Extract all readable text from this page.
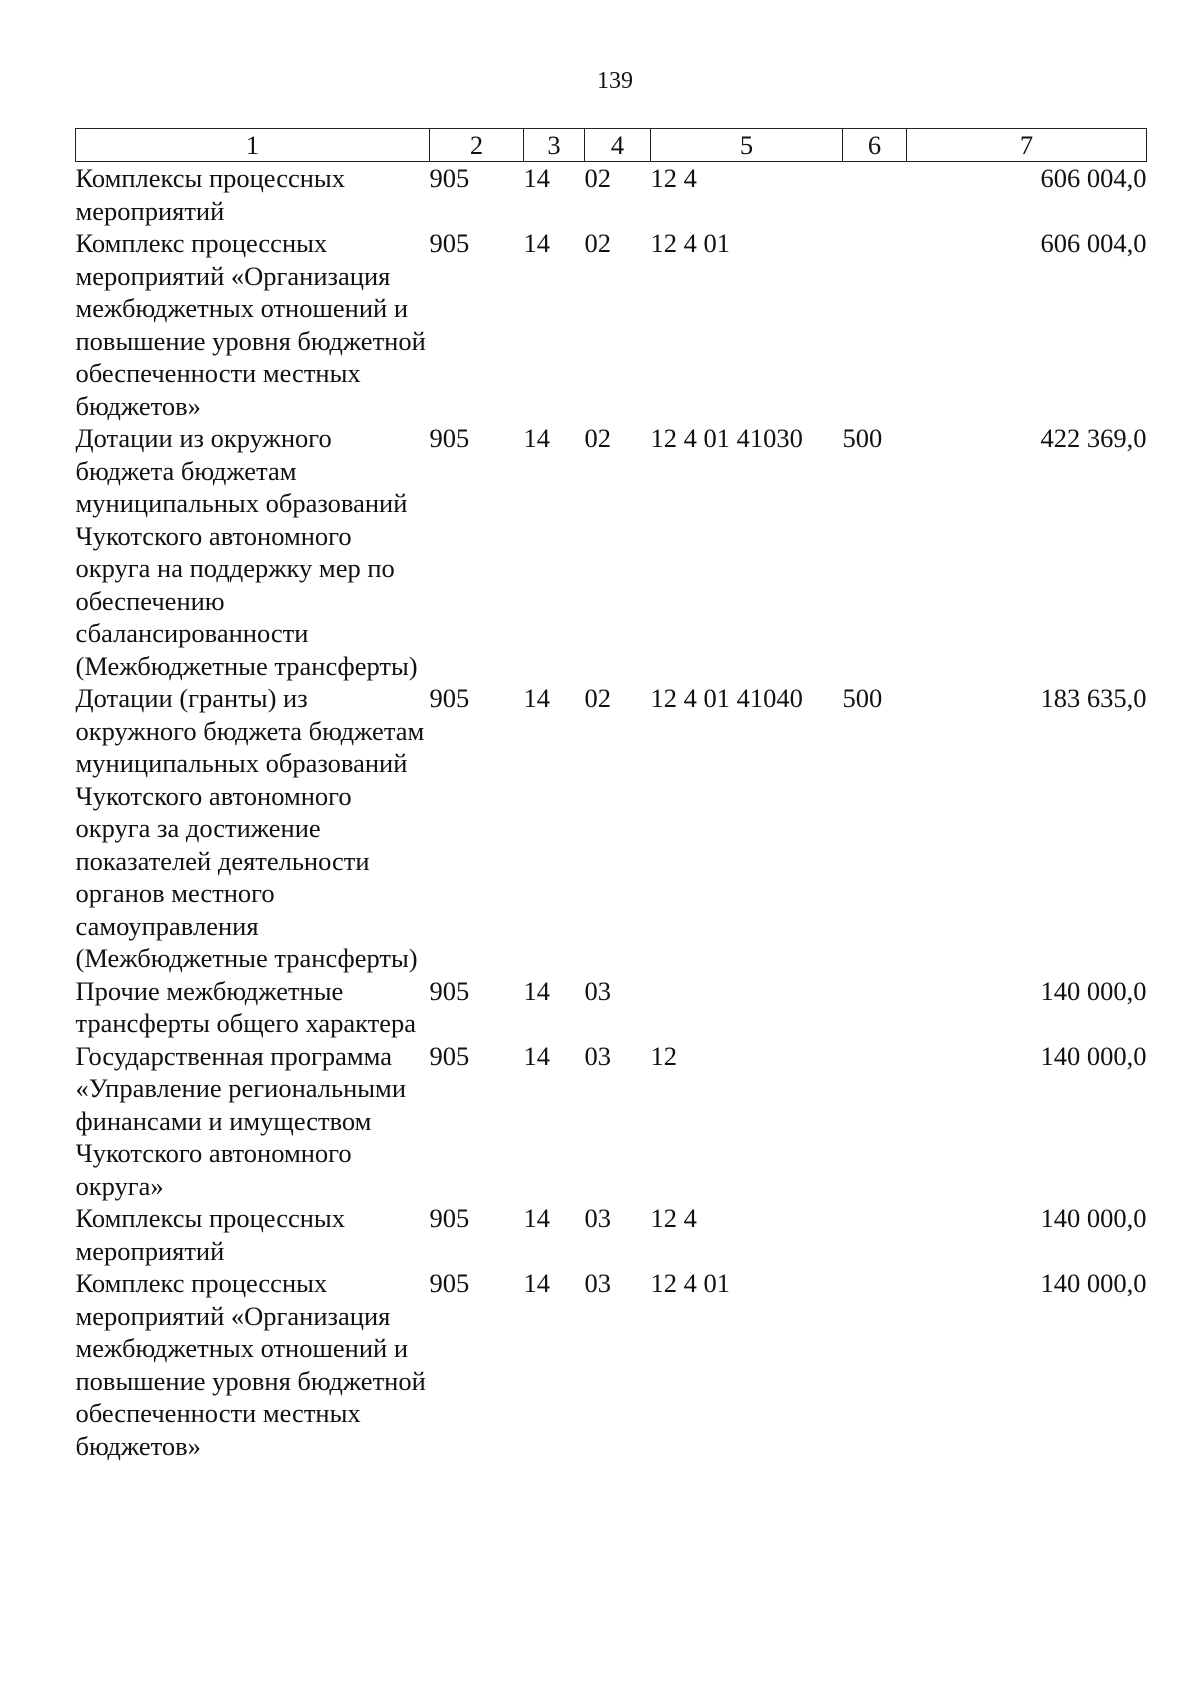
139
1	2	3	4	5	6	7
Комплексы процессных мероприятий	905	14	02	12 4		606 004,0
Комплекс процессных мероприятий «Организация межбюджетных отношений и повышение уровня бюджетной обеспеченности местных бюджетов»	905	14	02	12 4 01		606 004,0
Дотации из окружного бюджета бюджетам муниципальных образований Чукотского автономного округа на поддержку мер по обеспечению сбалансированности (Межбюджетные трансферты)	905	14	02	12 4 01 41030	500	422 369,0
Дотации (гранты) из окружного бюджета бюджетам муниципальных образований Чукотского автономного округа за достижение показателей деятельности органов местного самоуправления (Межбюджетные трансферты)	905	14	02	12 4 01 41040	500	183 635,0
Прочие межбюджетные трансферты общего характера	905	14	03			140 000,0
Государственная программа «Управление региональными финансами и имуществом Чукотского автономного округа»	905	14	03	12		140 000,0
Комплексы процессных мероприятий	905	14	03	12 4		140 000,0
Комплекс процессных мероприятий «Организация межбюджетных отношений и повышение уровня бюджетной обеспеченности местных бюджетов»	905	14	03	12 4 01		140 000,0
